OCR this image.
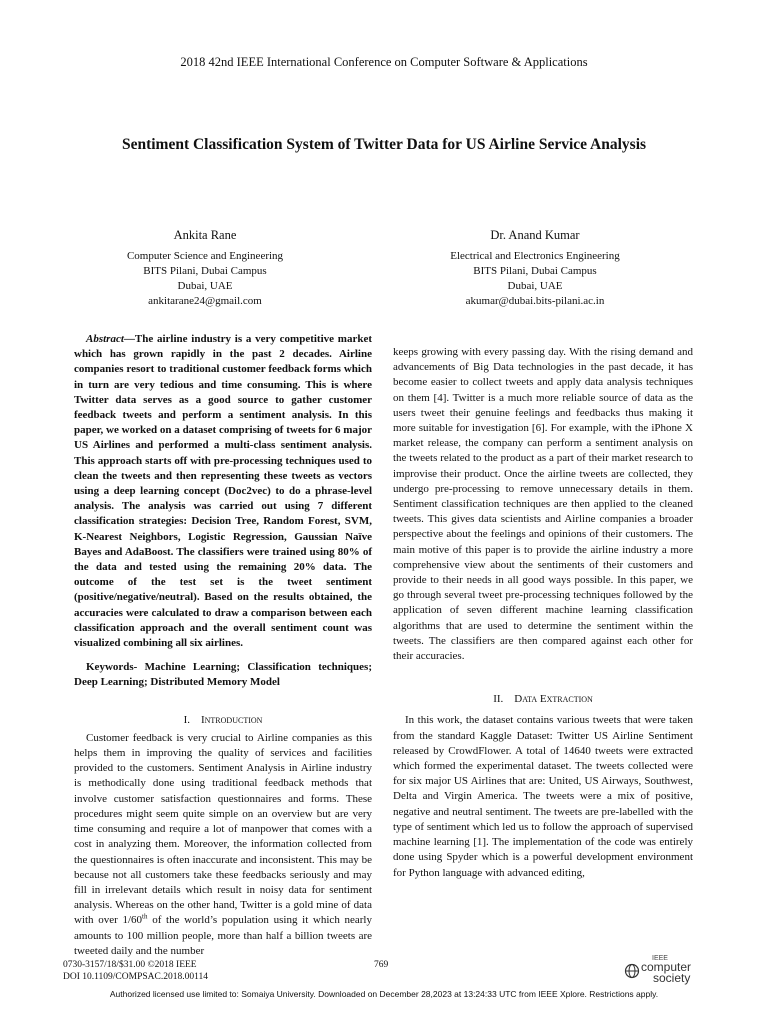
2018 42nd IEEE International Conference on Computer Software & Applications
Sentiment Classification System of Twitter Data for US Airline Service Analysis
Ankita Rane
Computer Science and Engineering
BITS Pilani, Dubai Campus
Dubai, UAE
ankitarane24@gmail.com
Dr. Anand Kumar
Electrical and Electronics Engineering
BITS Pilani, Dubai Campus
Dubai, UAE
akumar@dubai.bits-pilani.ac.in

Abstract—The airline industry is a very competitive market which has grown rapidly in the past 2 decades. Airline companies resort to traditional customer feedback forms which in turn are very tedious and time consuming. This is where Twitter data serves as a good source to gather customer feedback tweets and perform a sentiment analysis. In this paper, we worked on a dataset comprising of tweets for 6 major US Airlines and performed a multi-class sentiment analysis. This approach starts off with pre-processing techniques used to clean the tweets and then representing these tweets as vectors using a deep learning concept (Doc2vec) to do a phrase-level analysis. The analysis was carried out using 7 different classification strategies: Decision Tree, Random Forest, SVM, K-Nearest Neighbors, Logistic Regression, Gaussian Naïve Bayes and AdaBoost. The classifiers were trained using 80% of the data and tested using the remaining 20% data. The outcome of the test set is the tweet sentiment (positive/negative/neutral). Based on the results obtained, the accuracies were calculated to draw a comparison between each classification approach and the overall sentiment count was visualized combining all six airlines.

Keywords- Machine Learning; Classification techniques; Deep Learning; Distributed Memory Model

I. Introduction

Customer feedback is very crucial to Airline companies as this helps them in improving the quality of services and facilities provided to the customers. Sentiment Analysis in Airline industry is methodically done using traditional feedback methods that involve customer satisfaction questionnaires and forms. These procedures might seem quite simple on an overview but are very time consuming and require a lot of manpower that comes with a cost in analyzing them. Moreover, the information collected from the questionnaires is often inaccurate and inconsistent. This may be because not all customers take these feedbacks seriously and may fill in irrelevant details which result in noisy data for sentiment analysis. Whereas on the other hand, Twitter is a gold mine of data with over 1/60th of the world’s population using it which nearly amounts to 100 million people, more than half a billion tweets are tweeted daily and the number

keeps growing with every passing day. With the rising demand and advancements of Big Data technologies in the past decade, it has become easier to collect tweets and apply data analysis techniques on them [4]. Twitter is a much more reliable source of data as the users tweet their genuine feelings and feedbacks thus making it more suitable for investigation [6]. For example, with the iPhone X market release, the company can perform a sentiment analysis on the tweets related to the product as a part of their market research to improvise their product. Once the airline tweets are collected, they undergo pre-processing to remove unnecessary details in them. Sentiment classification techniques are then applied to the cleaned tweets. This gives data scientists and Airline companies a broader perspective about the feelings and opinions of their customers. The main motive of this paper is to provide the airline industry a more comprehensive view about the sentiments of their customers and provide to their needs in all good ways possible. In this paper, we go through several tweet pre-processing techniques followed by the application of seven different machine learning classification algorithms that are used to determine the sentiment within the tweets. The classifiers are then compared against each other for their accuracies.

II. Data Extraction

In this work, the dataset contains various tweets that were taken from the standard Kaggle Dataset: Twitter US Airline Sentiment released by CrowdFlower. A total of 14640 tweets were extracted which formed the experimental dataset. The tweets collected were for six major US Airlines that are: United, US Airways, Southwest, Delta and Virgin America. The tweets were a mix of positive, negative and neutral sentiment. The tweets are pre-labelled with the type of sentiment which led us to follow the approach of supervised machine learning [1]. The implementation of the code was entirely done using Spyder which is a powerful development environment for Python language with advanced editing,

0730-3157/18/$31.00 ©2018 IEEE
DOI 10.1109/COMPSAC.2018.00114
769
IEEE
computer
society
Authorized licensed use limited to: Somaiya University. Downloaded on December 28,2023 at 13:24:33 UTC from IEEE Xplore. Restrictions apply.
